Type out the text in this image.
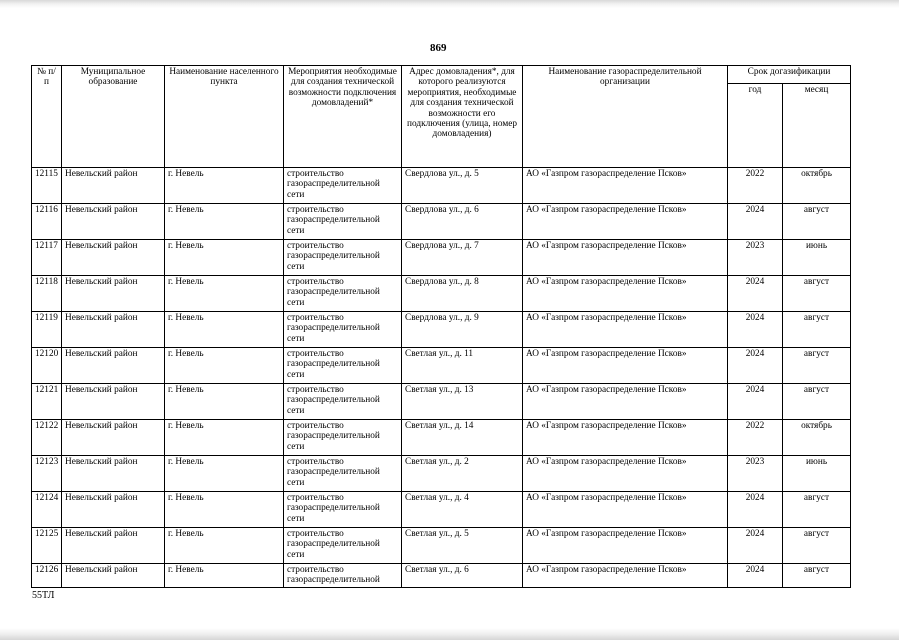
869
№ п/п	Муниципальное образование	Наименование населенного пункта	Мероприятия необходимые для создания технической возможности подключения домовладений*	Адрес домовладения*, для которого реализуются мероприятия, необходимые для создания технической возможности его подключения (улица, номер домовладения)	Наименование газораспределительной организации	Срок догазификации	
						год	месяц
12115	Невельский район	г. Невель	строительство газораспределительной сети	Свердлова ул., д. 5	АО «Газпром газораспределение Псков»	2022	октябрь
12116	Невельский район	г. Невель	строительство газораспределительной сети	Свердлова ул., д. 6	АО «Газпром газораспределение Псков»	2024	август
12117	Невельский район	г. Невель	строительство газораспределительной сети	Свердлова ул., д. 7	АО «Газпром газораспределение Псков»	2023	июнь
12118	Невельский район	г. Невель	строительство газораспределительной сети	Свердлова ул., д. 8	АО «Газпром газораспределение Псков»	2024	август
12119	Невельский район	г. Невель	строительство газораспределительной сети	Свердлова ул., д. 9	АО «Газпром газораспределение Псков»	2024	август
12120	Невельский район	г. Невель	строительство газораспределительной сети	Светлая ул., д. 11	АО «Газпром газораспределение Псков»	2024	август
12121	Невельский район	г. Невель	строительство газораспределительной сети	Светлая ул., д. 13	АО «Газпром газораспределение Псков»	2024	август
12122	Невельский район	г. Невель	строительство газораспределительной сети	Светлая ул., д. 14	АО «Газпром газораспределение Псков»	2022	октябрь
12123	Невельский район	г. Невель	строительство газораспределительной сети	Светлая ул., д. 2	АО «Газпром газораспределение Псков»	2023	июнь
12124	Невельский район	г. Невель	строительство газораспределительной сети	Светлая ул., д. 4	АО «Газпром газораспределение Псков»	2024	август
12125	Невельский район	г. Невель	строительство газораспределительной сети	Светлая ул., д. 5	АО «Газпром газораспределение Псков»	2024	август
12126	Невельский район	г. Невель	строительство газораспределительной	Светлая ул., д. 6	АО «Газпром газораспределение Псков»	2024	август
55ТЛ
